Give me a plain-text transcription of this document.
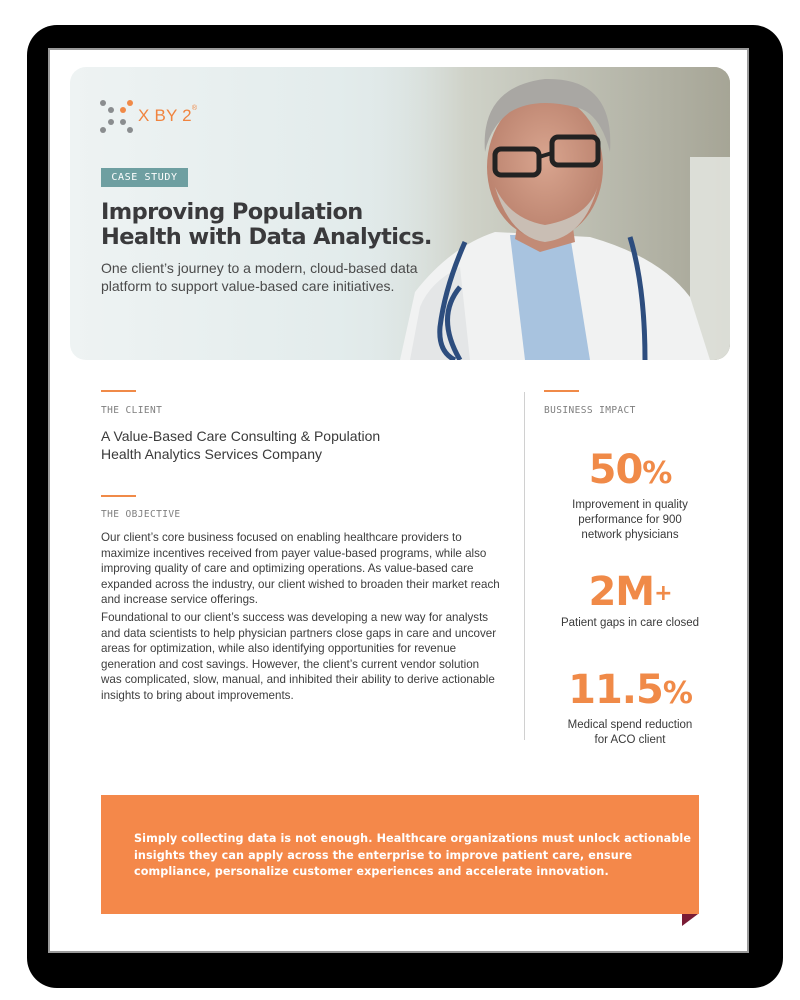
X BY 2®
CASE STUDY
Improving Population Health with Data Analytics.

One client’s journey to a modern, cloud-based data platform to support value-based care initiatives.

THE CLIENT

A Value-Based Care Consulting & Population Health Analytics Services Company

THE OBJECTIVE

Our client’s core business focused on enabling healthcare providers to maximize incentives received from payer value-based programs, while also improving quality of care and optimizing operations. As value-based care expanded across the industry, our client wished to broaden their market reach and increase service offerings.

Foundational to our client’s success was developing a new way for analysts and data scientists to help physician partners close gaps in care and uncover areas for optimization, while also identifying opportunities for revenue generation and cost savings. However, the client’s current vendor solution was complicated, slow, manual, and inhibited their ability to derive actionable insights to bring about improvements.

BUSINESS IMPACT
50%
Improvement in quality performance for 900 network physicians
2M+
Patient gaps in care closed
11.5%
Medical spend reduction for ACO client

Simply collecting data is not enough. Healthcare organizations must unlock actionable insights they can apply across the enterprise to improve patient care, ensure compliance, personalize customer experiences and accelerate innovation.
